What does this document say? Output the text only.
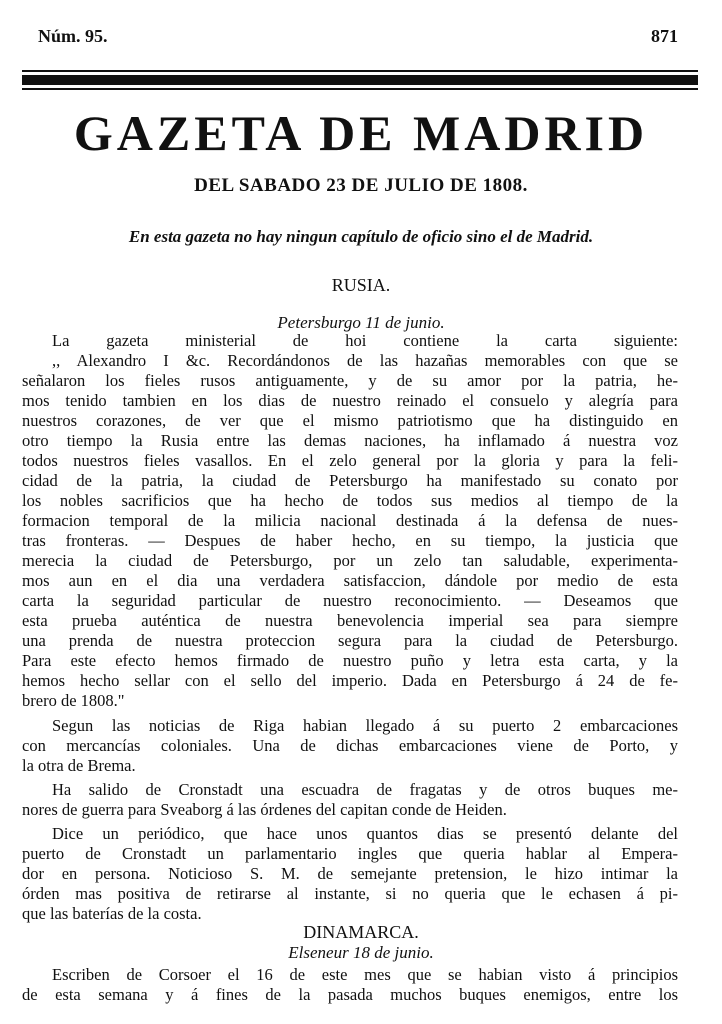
Núm. 95.	871
GAZETA DE MADRID
DEL SABADO 23 DE JULIO DE 1808.
En esta gazeta no hay ningun capítulo de oficio sino el de Madrid.
RUSIA.
Petersburgo 11 de junio.
La gazeta ministerial de hoi contiene la carta siguiente:
,, Alexandro I &c. Recordándonos de las hazañas memorables con que se
señalaron los fieles rusos antiguamente, y de su amor por la patria, he-
mos tenido tambien en los dias de nuestro reinado el consuelo y alegría para
nuestros corazones, de ver que el mismo patriotismo que ha distinguido en
otro tiempo la Rusia entre las demas naciones, ha inflamado á nuestra voz
todos nuestros fieles vasallos. En el zelo general por la gloria y para la feli-
cidad de la patria, la ciudad de Petersburgo ha manifestado su conato por
los nobles sacrificios que ha hecho de todos sus medios al tiempo de la
formacion temporal de la milicia nacional destinada á la defensa de nues-
tras fronteras. — Despues de haber hecho, en su tiempo, la justicia que
merecia la ciudad de Petersburgo, por un zelo tan saludable, experimenta-
mos aun en el dia una verdadera satisfaccion, dándole por medio de esta
carta la seguridad particular de nuestro reconocimiento. — Deseamos que
esta prueba auténtica de nuestra benevolencia imperial sea para siempre
una prenda de nuestra proteccion segura para la ciudad de Petersburgo.
Para este efecto hemos firmado de nuestro puño y letra esta carta, y la
hemos hecho sellar con el sello del imperio. Dada en Petersburgo á 24 de fe-
brero de 1808."
Segun las noticias de Riga habian llegado á su puerto 2 embarcaciones
con mercancías coloniales. Una de dichas embarcaciones viene de Porto, y
la otra de Brema.
Ha salido de Cronstadt una escuadra de fragatas y de otros buques me-
nores de guerra para Sveaborg á las órdenes del capitan conde de Heiden.
Dice un periódico, que hace unos quantos dias se presentó delante del
puerto de Cronstadt un parlamentario ingles que queria hablar al Empera-
dor en persona. Noticioso S. M. de semejante pretension, le hizo intimar la
órden mas positiva de retirarse al instante, si no queria que le echasen á pi-
que las baterías de la costa.
DINAMARCA.
Elseneur 18 de junio.
Escriben de Corsoer el 16 de este mes que se habian visto á principios
de esta semana y á fines de la pasada muchos buques enemigos, entre los
